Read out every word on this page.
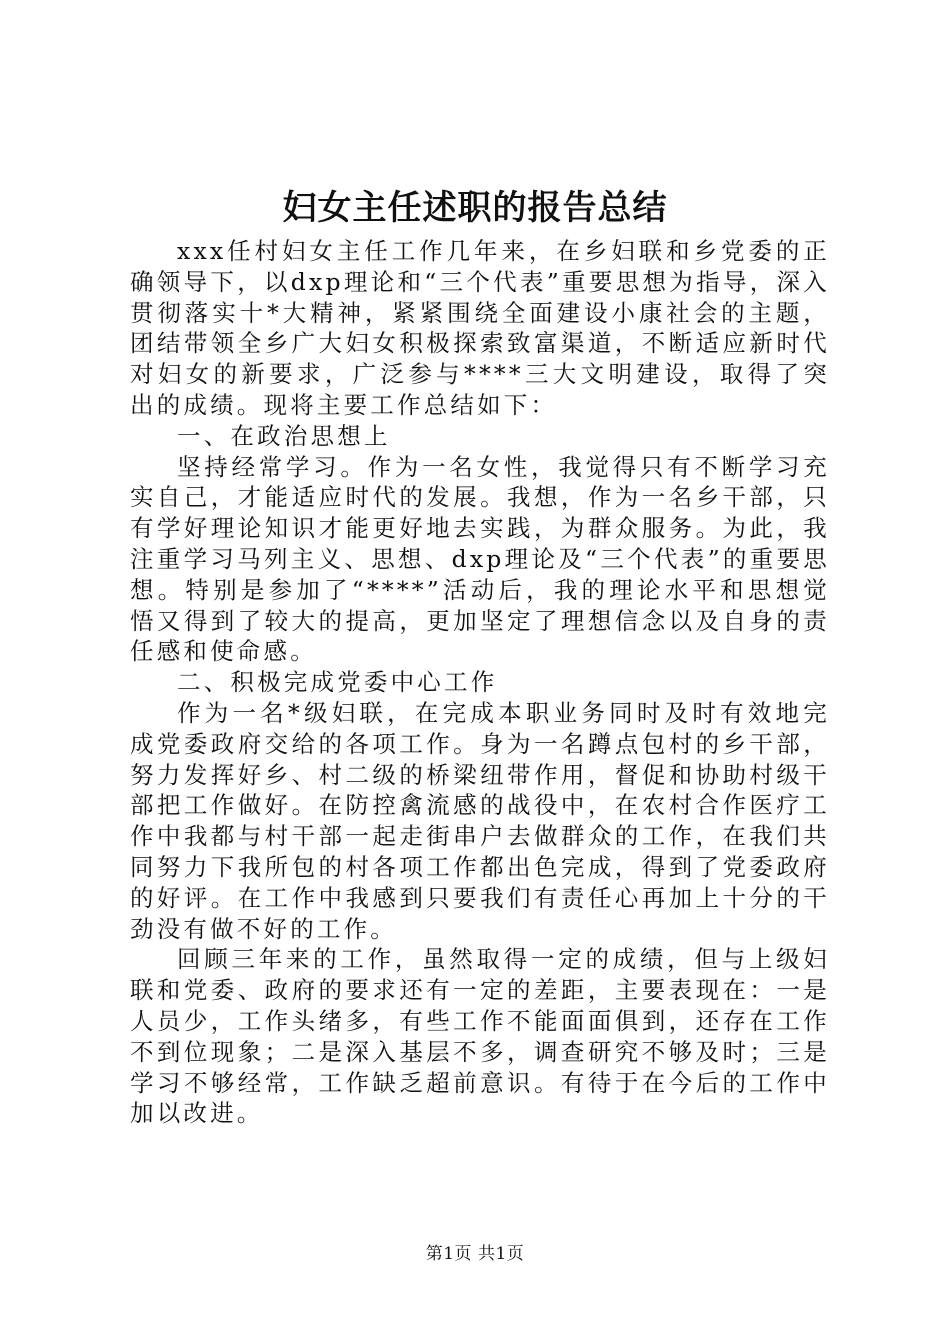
妇女主任述职的报告总结

xxx任村妇女主任工作几年来，在乡妇联和乡党委的正确领导下，以dxp理论和“三个代表”重要思想为指导，深入贯彻落实十*大精神，紧紧围绕全面建设小康社会的主题，团结带领全乡广大妇女积极探索致富渠道，不断适应新时代对妇女的新要求，广泛参与****三大文明建设，取得了突出的成绩。现将主要工作总结如下：

一、在政治思想上

坚持经常学习。作为一名女性，我觉得只有不断学习充实自己，才能适应时代的发展。我想，作为一名乡干部，只有学好理论知识才能更好地去实践，为群众服务。为此，我注重学习马列主义、思想、dxp理论及“三个代表”的重要思想。特别是参加了“****”活动后，我的理论水平和思想觉悟又得到了较大的提高，更加坚定了理想信念以及自身的责任感和使命感。

二、积极完成党委中心工作

作为一名*级妇联，在完成本职业务同时及时有效地完成党委政府交给的各项工作。身为一名蹲点包村的乡干部，努力发挥好乡、村二级的桥梁纽带作用，督促和协助村级干部把工作做好。在防控禽流感的战役中，在农村合作医疗工作中我都与村干部一起走街串户去做群众的工作，在我们共同努力下我所包的村各项工作都出色完成，得到了党委政府的好评。在工作中我感到只要我们有责任心再加上十分的干劲没有做不好的工作。

回顾三年来的工作，虽然取得一定的成绩，但与上级妇联和党委、政府的要求还有一定的差距，主要表现在：一是人员少，工作头绪多，有些工作不能面面俱到，还存在工作不到位现象；二是深入基层不多，调查研究不够及时；三是学习不够经常，工作缺乏超前意识。有待于在今后的工作中加以改进。

第1页 共1页
